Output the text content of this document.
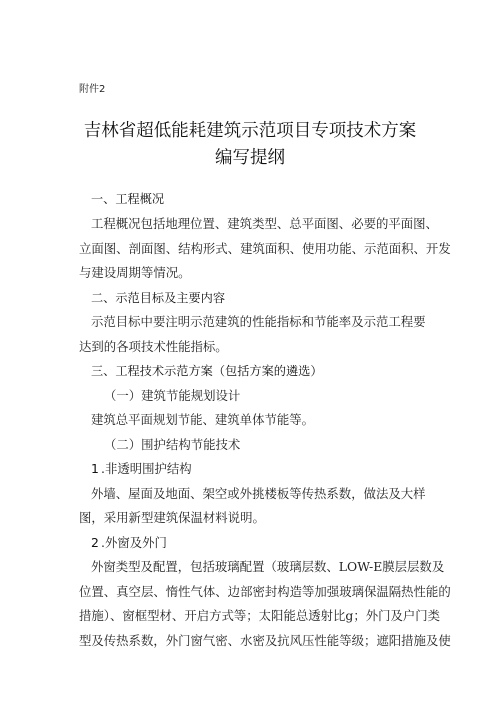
附件2
吉林省超低能耗建筑示范项目专项技术方案
编写提纲
一、工程概况
工程概况包括地理位置、建筑类型、总平面图、必要的平面图、
立面图、剖面图、结构形式、建筑面积、使用功能、示范面积、开发
与建设周期等情况。
二、示范目标及主要内容
示范目标中要注明示范建筑的性能指标和节能率及示范工程要
达到的各项技术性能指标。
三、工程技术示范方案（包括方案的遴选）
（一）建筑节能规划设计
建筑总平面规划节能、建筑单体节能等。
（二）围护结构节能技术
1 .非透明围护结构
外墙、屋面及地面、架空或外挑楼板等传热系数，做法及大样
图，采用新型建筑保温材料说明。
2 .外窗及外门
外窗类型及配置，包括玻璃配置（玻璃层数、LOW-E膜层层数及
位置、真空层、惰性气体、边部密封构造等加强玻璃保温隔热性能的
措施）、窗框型材、开启方式等；太阳能总透射比g；外门及户门类
型及传热系数，外门窗气密、水密及抗风压性能等级；遮阳措施及使
